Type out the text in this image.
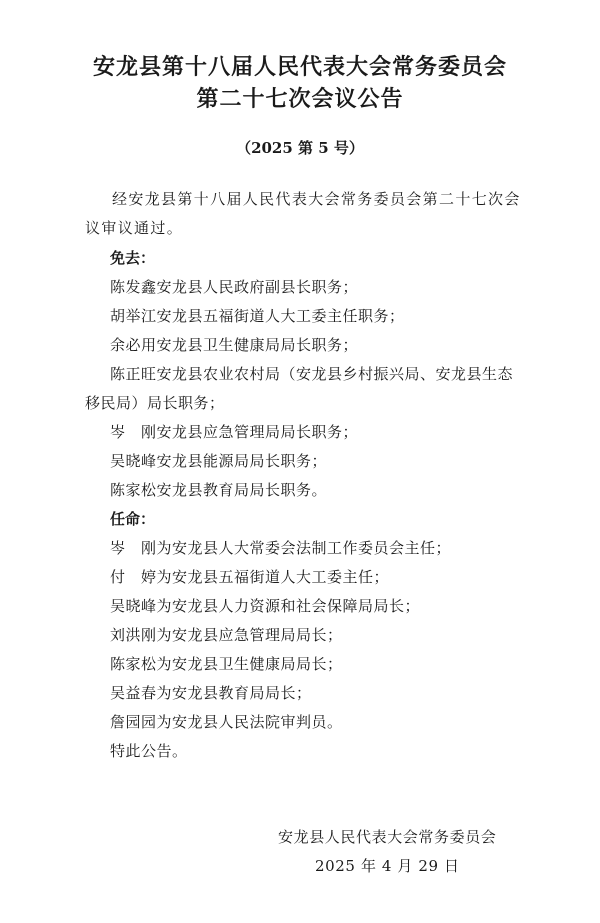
安龙县第十八届人民代表大会常务委员会
第二十七次会议公告
（2025 第 5 号）
经安龙县第十八届人民代表大会常务委员会第二十七次会
议审议通过。
免去：
陈发鑫安龙县人民政府副县长职务；
胡举江安龙县五福街道人大工委主任职务；
余必用安龙县卫生健康局局长职务；
陈正旺安龙县农业农村局（安龙县乡村振兴局、安龙县生态
移民局）局长职务；
岑　刚安龙县应急管理局局长职务；
吴晓峰安龙县能源局局长职务；
陈家松安龙县教育局局长职务。
任命：
岑　刚为安龙县人大常委会法制工作委员会主任；
付　婷为安龙县五福街道人大工委主任；
吴晓峰为安龙县人力资源和社会保障局局长；
刘洪刚为安龙县应急管理局局长；
陈家松为安龙县卫生健康局局长；
吴益春为安龙县教育局局长；
詹园园为安龙县人民法院审判员。
特此公告。
安龙县人民代表大会常务委员会
2025 年 4 月 29 日
